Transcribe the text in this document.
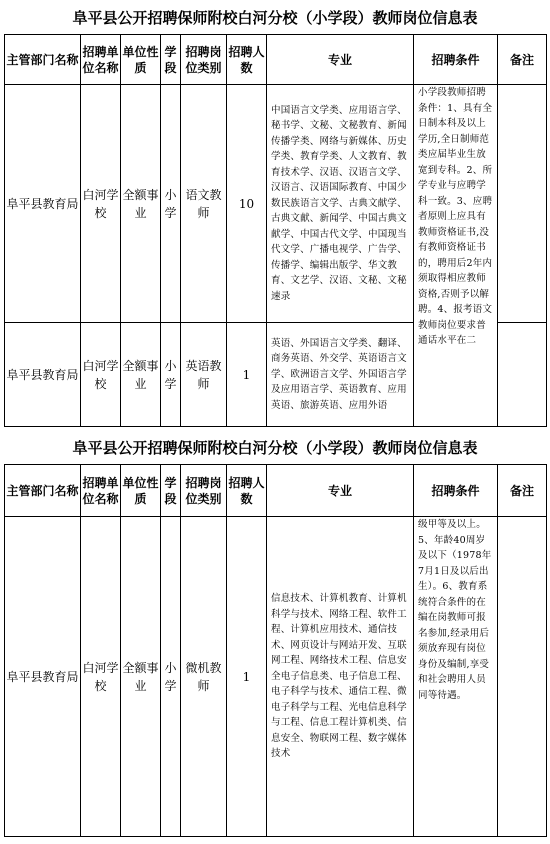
阜平县公开招聘保师附校白河分校（小学段）教师岗位信息表
主管部门名称	招聘单位名称	单位性质	学段	招聘岗位类别	招聘人数	专业	招聘条件	备注
阜平县教育局	白河学校	全额事业	小学	语文教师	10	中国语言文学类、应用语言学、秘书学、文秘、文秘教育、新闻传播学类、网络与新媒体、历史学类、教育学类、人文教育、教育技术学、汉语、汉语言文学、汉语言、汉语国际教育、中国少数民族语言文学、古典文献学、古典文献、新闻学、中国古典文献学、中国古代文学、中国现当代文学、广播电视学、广告学、 传播学、编辑出版学、华文教育、文艺学、汉语、文秘、文秘速录	小学段教师招聘条件：1、具有全日制本科及以上学历,全日制师范类应届毕业生放宽到专科。2、所学专业与应聘学科一致。3、应聘者原则上应具有教师资格证书,没有教师资格证书的，聘用后2年内须取得相应教师资格,否则予以解聘。4、报考语文教师岗位要求普通话水平在二	
阜平县教育局	白河学校	全额事业	小学	英语教师	1	英语、外国语言文学类、翻译、商务英语、外交学、英语语言文学、欧洲语言文学、外国语言学及应用语言学、英语教育、应用英语、旅游英语、应用外语		
阜平县公开招聘保师附校白河分校（小学段）教师岗位信息表
主管部门名称	招聘单位名称	单位性质	学段	招聘岗位类别	招聘人数	专业	招聘条件	备注
阜平县教育局	白河学校	全额事业	小学	微机教师	1	信息技术、计算机教育、计算机科学与技术、网络工程、软件工程、计算机应用技术、通信技术、网页设计与网站开发、互联网工程、网络技术工程、信息安全电子信息类、电子信息工程、电子科学与技术、通信工程、微电子科学与工程、光电信息科学与工程、信息工程计算机类、信息安全、物联网工程、数字媒体技术	级甲等及以上。5、年龄40周岁及以下（1978年7月1日及以后出生）。6、教育系统符合条件的在编在岗教师可报名参加,经录用后须放弃现有岗位身份及编制,享受和社会聘用人员同等待遇。	
